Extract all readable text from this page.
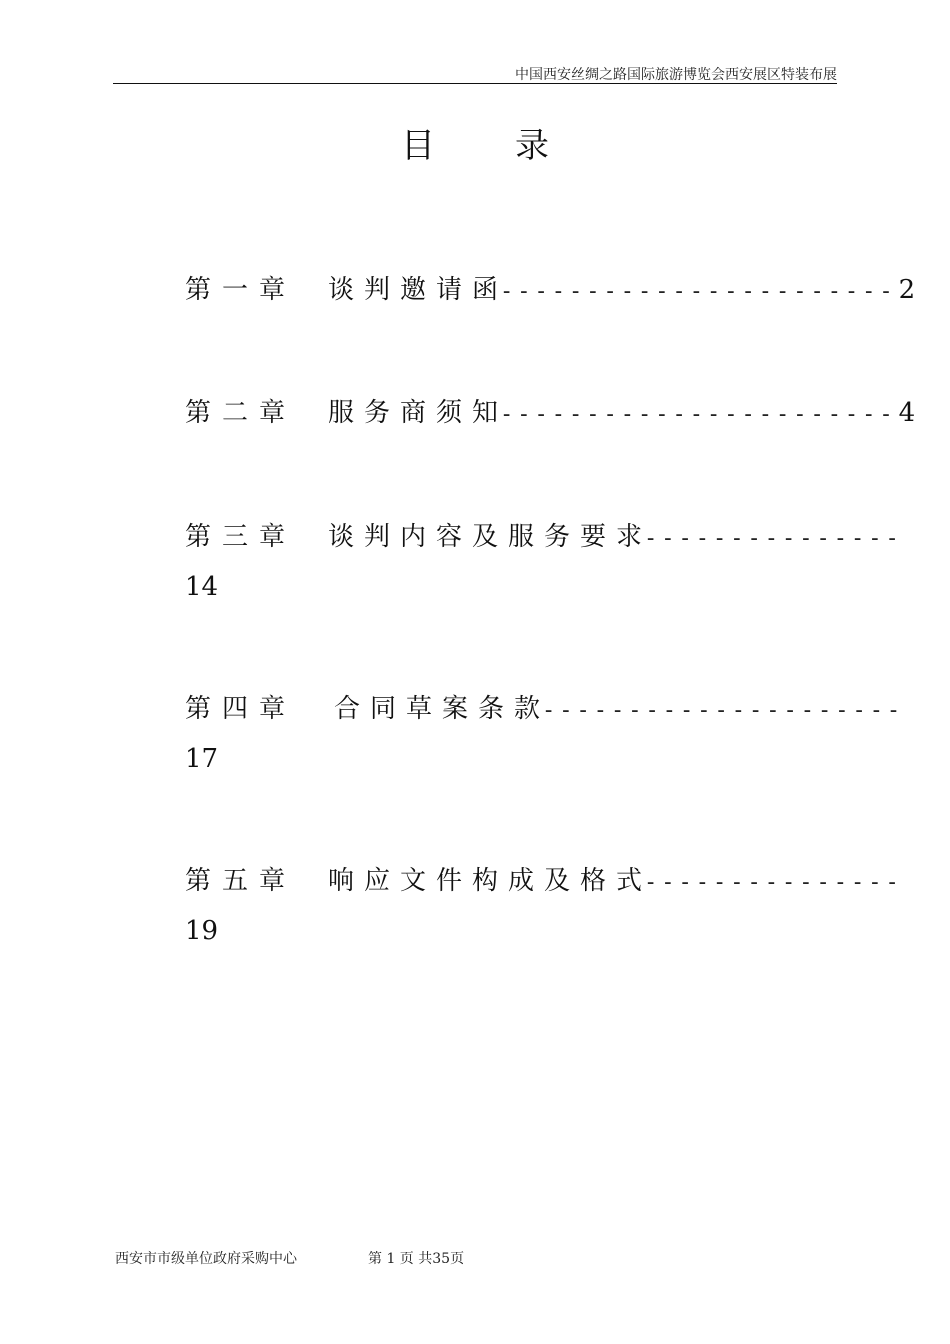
中国西安丝绸之路国际旅游博览会西安展区特装布展
目 录
第一章 谈判邀请函
----------------------- 2
第二章 服务商须知
----------------------- 4
第三章 谈判内容及服务要求
---------------
14
第四章 合同草案条款
---------------------
17
第五章 响应文件构成及格式
---------------
19
西安市市级单位政府采购中心	第 1 页 共35页
